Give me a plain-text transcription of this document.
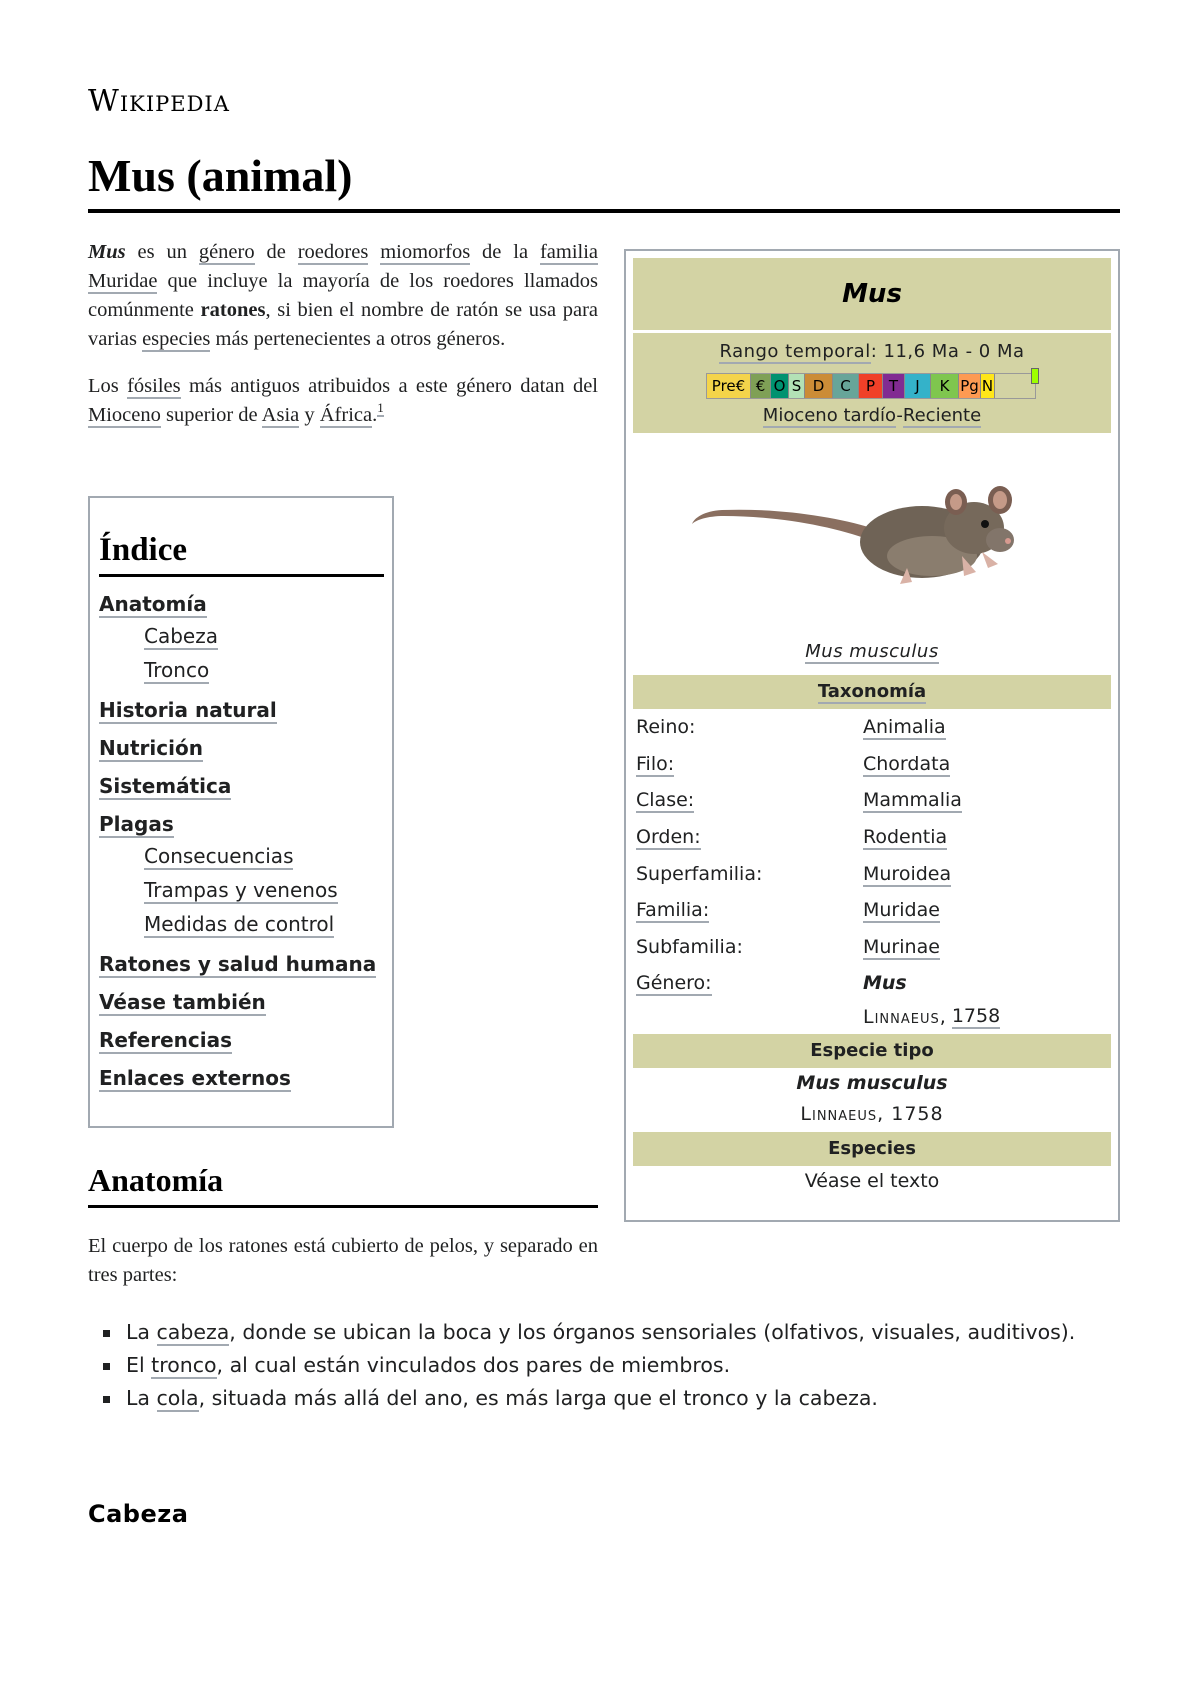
Wikipedia
Mus (animal)

Mus es un género de roedores miomorfos de la familia Muridae que incluye la mayoría de los roedores llamados comúnmente ratones, si bien el nombre de ratón se usa para varias especies más pertenecientes a otros géneros.

Los fósiles más antiguos atribuidos a este género datan del Mioceno superior de Asia y África.$^1$

Índice
Anatomía
Cabeza
Tronco
Historia natural
Nutrición
Sistemática
Plagas
Consecuencias
Trampas y venenos
Medidas de control
Ratones y salud humana
Véase también
Referencias
Enlaces externos
Mus
Rango temporal: 11,6 Ma - 0 Ma
Pre€ € O S D	C	P T	J	K Pg N
Mioceno tardío-Reciente
Mus musculus
Taxonomía
Reino:	Animalia
Filo:	Chordata
Clase:	Mammalia
Orden:	Rodentia
Superfamilia:	Muroidea
Familia:	Muridae
Subfamilia:	Murinae
Género:	Mus
Linnaeus , 1758
Especie tipo
Mus musculus
Linnaeus, 1758
Especies
Véase el texto
Anatomía

El cuerpo de los ratones está cubierto de pelos, y separado en tres partes:

La cabeza, donde se ubican la boca y los órganos sensoriales (olfativos, visuales, auditivos).
El tronco, al cual están vinculados dos pares de miembros.
La cola, situada más allá del ano, es más larga que el tronco y la cabeza.
Cabeza
